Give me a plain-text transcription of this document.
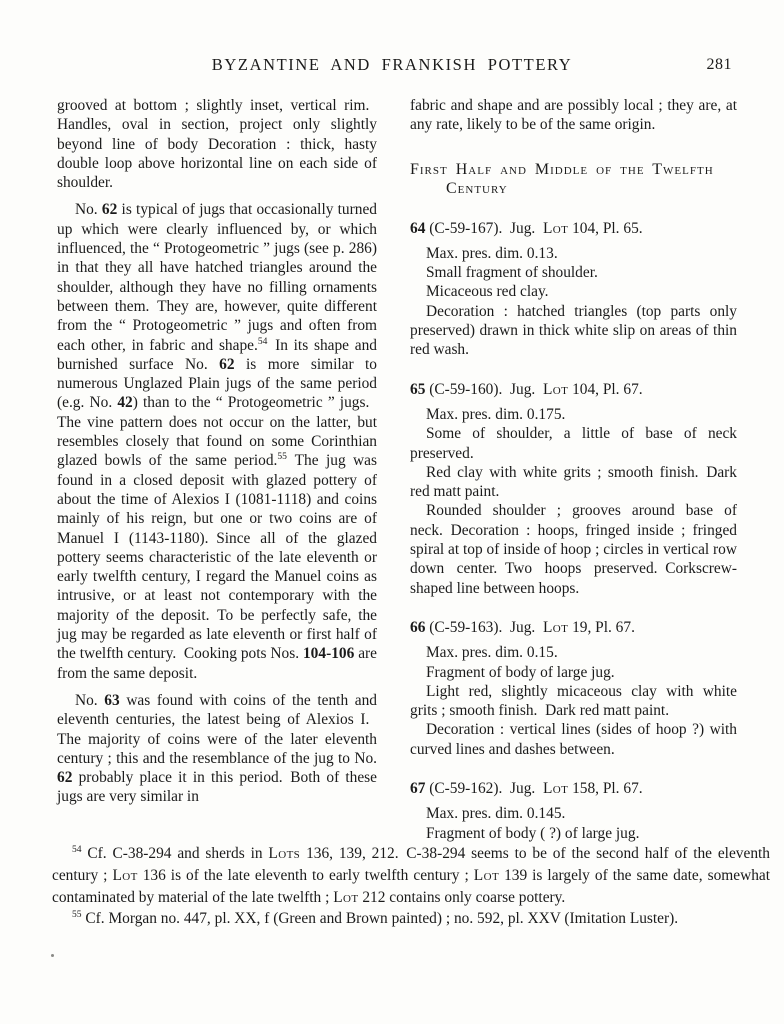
BYZANTINE AND FRANKISH POTTERY	281

grooved at bottom ; slightly inset, vertical rim. Handles, oval in section, project only slightly beyond line of body Decoration : thick, hasty double loop above horizontal line on each side of shoulder.

No. 62 is typical of jugs that occasionally turned up which were clearly influenced by, or which influenced, the “ Protogeometric ” jugs (see p. 286) in that they all have hatched triangles around the shoulder, although they have no filling ornaments between them. They are, however, quite different from the “ Protogeometric ” jugs and often from each other, in fabric and shape.$^{54}$ In its shape and burnished surface No. 62 is more similar to numerous Unglazed Plain jugs of the same period (e.g. No. 42) than to the “ Protogeometric ” jugs. The vine pattern does not occur on the latter, but resembles closely that found on some Corinthian glazed bowls of the same period.$^{55}$ The jug was found in a closed deposit with glazed pottery of about the time of Alexios I (1081-1118) and coins mainly of his reign, but one or two coins are of Manuel I (1143-1180). Since all of the glazed pottery seems characteristic of the late eleventh or early twelfth century, I regard the Manuel coins as intrusive, or at least not contemporary with the majority of the deposit. To be perfectly safe, the jug may be regarded as late eleventh or first half of the twelfth century. Cooking pots Nos. 104-106 are from the same deposit.

No. 63 was found with coins of the tenth and eleventh centuries, the latest being of Alexios I. The majority of coins were of the later eleventh century ; this and the resemblance of the jug to No. 62 probably place it in this period. Both of these jugs are very similar in

fabric and shape and are possibly local ; they are, at any rate, likely to be of the same origin.

First Half and Middle of the Twelfth
Century

64 (C-59-167). Jug. Lot 104, Pl. 65.

Max. pres. dim. 0.13.

Small fragment of shoulder.

Micaceous red clay.

Decoration : hatched triangles (top parts only preserved) drawn in thick white slip on areas of thin red wash.

65 (C-59-160). Jug. Lot 104, Pl. 67.

Max. pres. dim. 0.175.

Some of shoulder, a little of base of neck preserved.

Red clay with white grits ; smooth finish. Dark red matt paint.

Rounded shoulder ; grooves around base of neck. Decoration : hoops, fringed inside ; fringed spiral at top of inside of hoop ; circles in vertical row down center. Two hoops preserved. Corkscrew-shaped line between hoops.

66 (C-59-163). Jug. Lot 19, Pl. 67.

Max. pres. dim. 0.15.

Fragment of body of large jug.

Light red, slightly micaceous clay with white grits ; smooth finish. Dark red matt paint.

Decoration : vertical lines (sides of hoop ?) with curved lines and dashes between.

67 (C-59-162). Jug. Lot 158, Pl. 67.

Max. pres. dim. 0.145.

Fragment of body ( ?) of large jug.

$^{54}$ Cf. C-38-294 and sherds in Lots 136, 139, 212. C-38-294 seems to be of the second half of the eleventh century ; Lot 136 is of the late eleventh to early twelfth century ; Lot 139 is largely of the same date, somewhat contaminated by material of the late twelfth ; Lot 212 contains only coarse pottery.

$^{55}$ Cf. Morgan no. 447, pl. XX, f (Green and Brown painted) ; no. 592, pl. XXV (Imitation Luster).
